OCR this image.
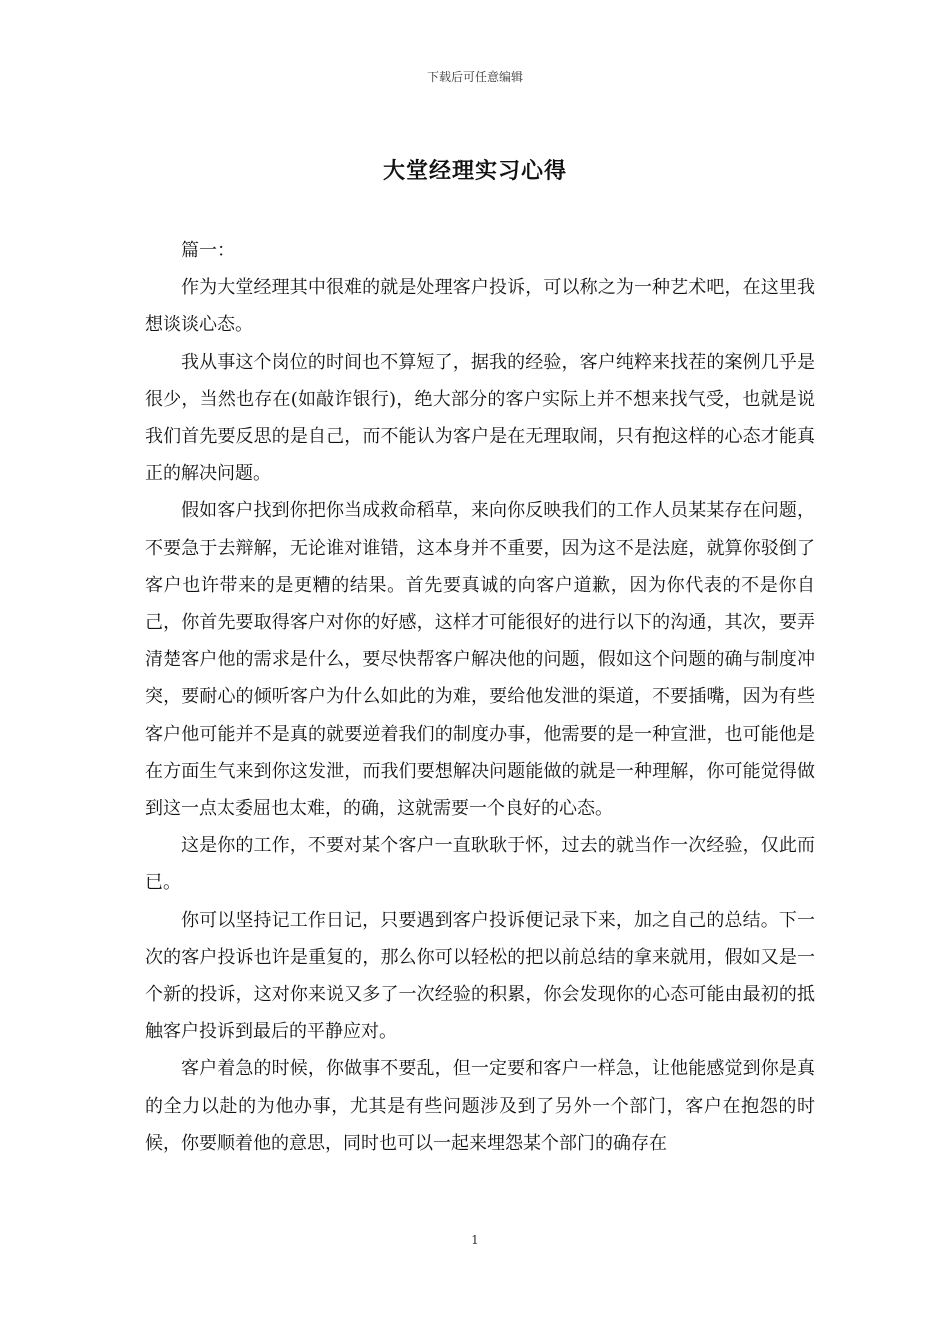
下载后可任意编辑
大堂经理实习心得

篇一：

作为大堂经理其中很难的就是处理客户投诉，可以称之为一种艺术吧，在这里我想谈谈心态。

我从事这个岗位的时间也不算短了，据我的经验，客户纯粹来找茬的案例几乎是很少，当然也存在(如敲诈银行)，绝大部分的客户实际上并不想来找气受，也就是说我们首先要反思的是自己，而不能认为客户是在无理取闹，只有抱这样的心态才能真正的解决问题。

假如客户找到你把你当成救命稻草，来向你反映我们的工作人员某某存在问题，不要急于去辩解，无论谁对谁错，这本身并不重要，因为这不是法庭，就算你驳倒了客户也许带来的是更糟的结果。首先要真诚的向客户道歉，因为你代表的不是你自己，你首先要取得客户对你的好感，这样才可能很好的进行以下的沟通，其次，要弄清楚客户他的需求是什么，要尽快帮客户解决他的问题，假如这个问题的确与制度冲突，要耐心的倾听客户为什么如此的为难，要给他发泄的渠道，不要插嘴，因为有些客户他可能并不是真的就要逆着我们的制度办事，他需要的是一种宣泄，也可能他是在方面生气来到你这发泄，而我们要想解决问题能做的就是一种理解，你可能觉得做到这一点太委屈也太难，的确，这就需要一个良好的心态。

这是你的工作，不要对某个客户一直耿耿于怀，过去的就当作一次经验，仅此而已。

你可以坚持记工作日记，只要遇到客户投诉便记录下来，加之自己的总结。下一次的客户投诉也许是重复的，那么你可以轻松的把以前总结的拿来就用，假如又是一个新的投诉，这对你来说又多了一次经验的积累，你会发现你的心态可能由最初的抵触客户投诉到最后的平静应对。

客户着急的时候，你做事不要乱，但一定要和客户一样急，让他能感觉到你是真的全力以赴的为他办事，尤其是有些问题涉及到了另外一个部门，客户在抱怨的时候，你要顺着他的意思，同时也可以一起来埋怨某个部门的确存在

1
